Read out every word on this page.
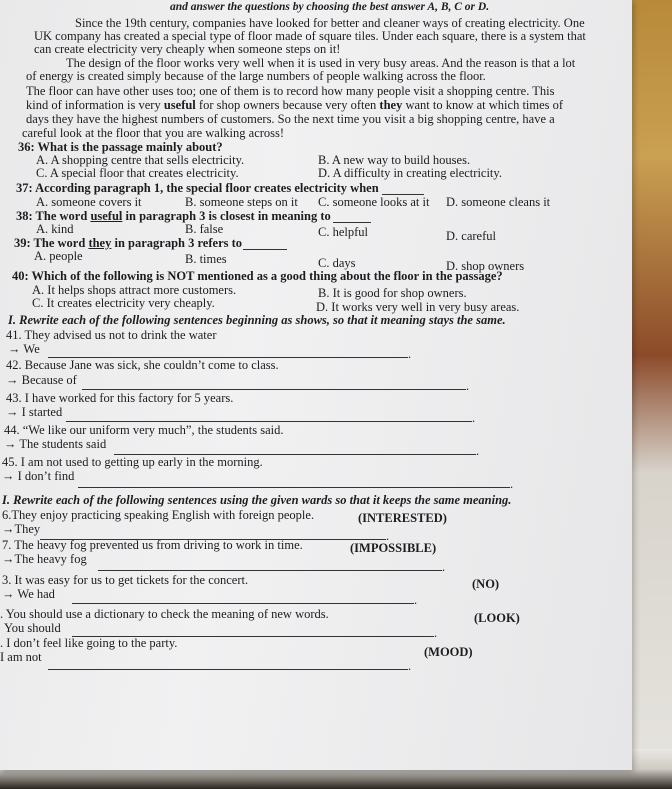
and answer the questions by choosing the best answer A, B, C or D.
Since the 19th century, companies have looked for better and cleaner ways of creating electricity. One
UK company has created a special type of floor made of square tiles. Under each square, there is a system that
can create electricity very cheaply when someone steps on it!
The design of the floor works very well when it is used in very busy areas. And the reason is that a lot
of energy is created simply because of the large numbers of people walking across the floor.
The floor can have other uses too; one of them is to record how many people visit a shopping centre. This
kind of information is very useful for shop owners because very often they want to know at which times of
days they have the highest numbers of customers. So the next time you visit a big shopping centre, have a
careful look at the floor that you are walking across!
36: What is the passage mainly about?
A. A shopping centre that sells electricity.	B. A new way to build houses.
C. A special floor that creates electricity.	D. A difficulty in creating electricity.
37: According paragraph 1, the special floor creates electricity when
A. someone covers it	B. someone steps on it C. someone looks at it D. someone cleans it
38: The word useful in paragraph 3 is closest in meaning to
A. kind	B. false	C. helpful	D. careful
39: The word they in paragraph 3 refers to
A. people	B. times	C. days	D. shop owners
40: Which of the following is NOT mentioned as a good thing about the floor in the passage?
A. It helps shops attract more customers.	B. It is good for shop owners.
C. It creates electricity very cheaply.	D. It works very well in very busy areas.
I. Rewrite each of the following sentences beginning as shows, so that it meaning stays the same.
41. They advised us not to drink the water
→ We	.
42. Because Jane was sick, she couldn’t come to class.
→ Because of	.
43. I have worked for this factory for 5 years.
→ I started	.
44. “We like our uniform very much”, the students said.
→ The students said	.
45. I am not used to getting up early in the morning.
→ I don’t find
.
I. Rewrite each of the following sentences using the given wards so that it keeps the same meaning.
6.They enjoy practicing speaking English with foreign people.	(INTERESTED)
→They	.
7. The heavy fog prevented us from driving to work in time.	(IMPOSSIBLE)
→The heavy fog
.
3. It was easy for us to get tickets for the concert.	(NO)
→ We had	.
. You should use a dictionary to check the meaning of new words.	(LOOK)
You should	.
. I don’t feel like going to the party.
(MOOD)
I am not
.
